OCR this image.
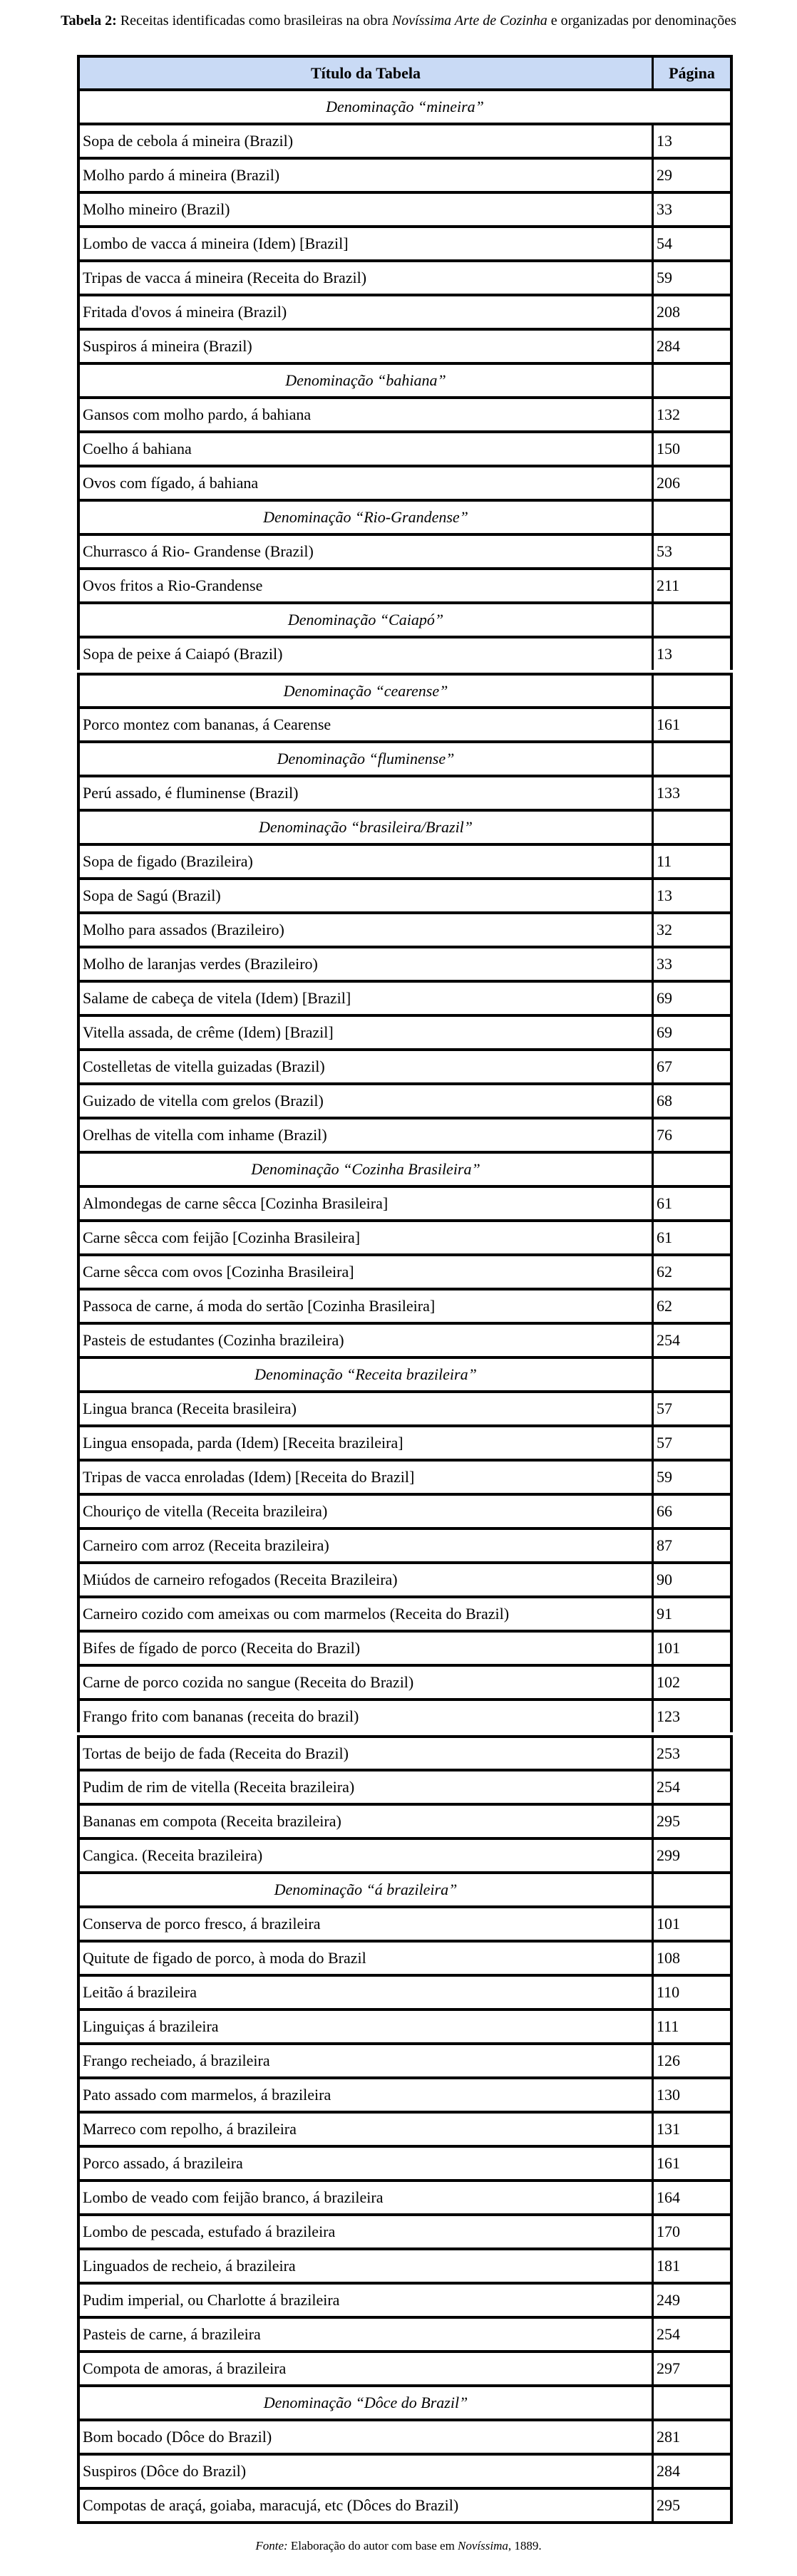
Tabela 2: Receitas identificadas como brasileiras na obra Novíssima Arte de Cozinha e organizadas por denominações
Título da Tabela	Página
Denominação “mineira”
Sopa de cebola á mineira (Brazil)	13
Molho pardo á mineira (Brazil)	29
Molho mineiro (Brazil)	33
Lombo de vacca á mineira (Idem) [Brazil]	54
Tripas de vacca á mineira (Receita do Brazil)	59
Fritada d'ovos á mineira (Brazil)	208
Suspiros á mineira (Brazil)	284
Denominação “bahiana”
Gansos com molho pardo, á bahiana	132
Coelho á bahiana	150
Ovos com fígado, á bahiana	206
Denominação “Rio-Grandense”
Churrasco á Rio- Grandense (Brazil)	53
Ovos fritos a Rio-Grandense	211
Denominação “Caiapó”
Sopa de peixe á Caiapó (Brazil)	13
Denominação “cearense”
Porco montez com bananas, á Cearense	161
Denominação “fluminense”
Perú assado, é fluminense (Brazil)	133
Denominação “brasileira/Brazil”
Sopa de figado (Brazileira)	11
Sopa de Sagú (Brazil)	13
Molho para assados (Brazileiro)	32
Molho de laranjas verdes (Brazileiro)	33
Salame de cabeça de vitela (Idem) [Brazil]	69
Vitella assada, de crême (Idem) [Brazil]	69
Costelletas de vitella guizadas (Brazil)	67
Guizado de vitella com grelos (Brazil)	68
Orelhas de vitella com inhame (Brazil)	76
Denominação “Cozinha Brasileira”
Almondegas de carne sêcca [Cozinha Brasileira]	61
Carne sêcca com feijão [Cozinha Brasileira]	61
Carne sêcca com ovos [Cozinha Brasileira]	62
Passoca de carne, á moda do sertão [Cozinha Brasileira]	62
Pasteis de estudantes (Cozinha brazileira)	254
Denominação “Receita brazileira”
Lingua branca (Receita brasileira)	57
Lingua ensopada, parda (Idem) [Receita brazileira]	57
Tripas de vacca enroladas (Idem) [Receita do Brazil]	59
Chouriço de vitella (Receita brazileira)	66
Carneiro com arroz (Receita brazileira)	87
Miúdos de carneiro refogados (Receita Brazileira)	90
Carneiro cozido com ameixas ou com marmelos (Receita do Brazil)	91
Bifes de fígado de porco (Receita do Brazil)	101
Carne de porco cozida no sangue (Receita do Brazil)	102
Frango frito com bananas (receita do brazil)	123
Tortas de beijo de fada (Receita do Brazil)	253
Pudim de rim de vitella (Receita brazileira)	254
Bananas em compota (Receita brazileira)	295
Cangica. (Receita brazileira)	299
Denominação “á brazileira”
Conserva de porco fresco, á brazileira	101
Quitute de figado de porco, à moda do Brazil	108
Leitão á brazileira	110
Linguiças á brazileira	111
Frango recheiado, á brazileira	126
Pato assado com marmelos, á brazileira	130
Marreco com repolho, á brazileira	131
Porco assado, á brazileira	161
Lombo de veado com feijão branco, á brazileira	164
Lombo de pescada, estufado á brazileira	170
Linguados de recheio, á brazileira	181
Pudim imperial, ou Charlotte á brazileira	249
Pasteis de carne, á brazileira	254
Compota de amoras, á brazileira	297
Denominação “Dôce do Brazil”
Bom bocado (Dôce do Brazil)	281
Suspiros (Dôce do Brazil)	284
Compotas de araçá, goiaba, maracujá, etc (Dôces do Brazil)	295
Fonte: Elaboração do autor com base em Novíssima, 1889.
